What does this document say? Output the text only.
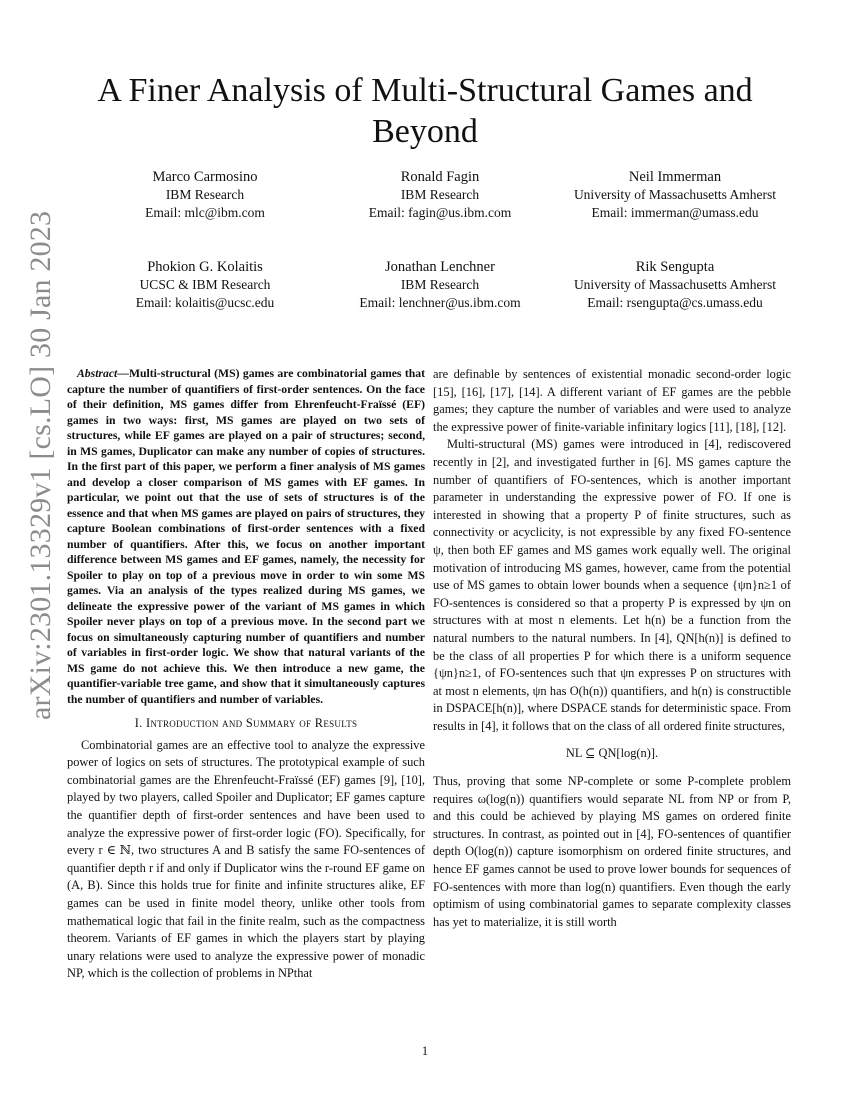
arXiv:2301.13329v1 [cs.LO] 30 Jan 2023
A Finer Analysis of Multi-Structural Games and Beyond
Marco Carmosino
IBM Research
Email: mlc@ibm.com
Ronald Fagin
IBM Research
Email: fagin@us.ibm.com
Neil Immerman
University of Massachusetts Amherst
Email: immerman@umass.edu
Phokion G. Kolaitis
UCSC & IBM Research
Email: kolaitis@ucsc.edu
Jonathan Lenchner
IBM Research
Email: lenchner@us.ibm.com
Rik Sengupta
University of Massachusetts Amherst
Email: rsengupta@cs.umass.edu

Abstract—Multi-structural (MS) games are combinatorial games that capture the number of quantifiers of first-order sentences. On the face of their definition, MS games differ from Ehrenfeucht-Fraïssé (EF) games in two ways: first, MS games are played on two sets of structures, while EF games are played on a pair of structures; second, in MS games, Duplicator can make any number of copies of structures. In the first part of this paper, we perform a finer analysis of MS games and develop a closer comparison of MS games with EF games. In particular, we point out that the use of sets of structures is of the essence and that when MS games are played on pairs of structures, they capture Boolean combinations of first-order sentences with a fixed number of quantifiers. After this, we focus on another important difference between MS games and EF games, namely, the necessity for Spoiler to play on top of a previous move in order to win some MS games. Via an analysis of the types realized during MS games, we delineate the expressive power of the variant of MS games in which Spoiler never plays on top of a previous move. In the second part we focus on simultaneously capturing number of quantifiers and number of variables in first-order logic. We show that natural variants of the MS game do not achieve this. We then introduce a new game, the quantifier-variable tree game, and show that it simultaneously captures the number of quantifiers and number of variables.

I. Introduction and Summary of Results

Combinatorial games are an effective tool to analyze the expressive power of logics on sets of structures. The prototypical example of such combinatorial games are the Ehrenfeucht-Fraïssé (EF) games [9], [10], played by two players, called Spoiler and Duplicator; EF games capture the quantifier depth of first-order sentences and have been used to analyze the expressive power of first-order logic (FO). Specifically, for every r ∈ ℕ, two structures A and B satisfy the same FO-sentences of quantifier depth r if and only if Duplicator wins the r-round EF game on (A, B). Since this holds true for finite and infinite structures alike, EF games can be used in finite model theory, unlike other tools from mathematical logic that fail in the finite realm, such as the compactness theorem. Variants of EF games in which the players start by playing unary relations were used to analyze the expressive power of monadic NP, which is the collection of problems in NPthat

are definable by sentences of existential monadic second-order logic [15], [16], [17], [14]. A different variant of EF games are the pebble games; they capture the number of variables and were used to analyze the expressive power of finite-variable infinitary logics [11], [18], [12].

Multi-structural (MS) games were introduced in [4], rediscovered recently in [2], and investigated further in [6]. MS games capture the number of quantifiers of FO-sentences, which is another important parameter in understanding the expressive power of FO. If one is interested in showing that a property P of finite structures, such as connectivity or acyclicity, is not expressible by any fixed FO-sentence ψ, then both EF games and MS games work equally well. The original motivation of introducing MS games, however, came from the potential use of MS games to obtain lower bounds when a sequence {ψn}n≥1 of FO-sentences is considered so that a property P is expressed by ψn on structures with at most n elements. Let h(n) be a function from the natural numbers to the natural numbers. In [4], QN[h(n)] is defined to be the class of all properties P for which there is a uniform sequence {ψn}n≥1, of FO-sentences such that ψn expresses P on structures with at most n elements, ψn has O(h(n)) quantifiers, and h(n) is constructible in DSPACE[h(n)], where DSPACE stands for deterministic space. From results in [4], it follows that on the class of all ordered finite structures,

NL ⊆ QN[log(n)].

Thus, proving that some NP-complete or some P-complete problem requires ω(log(n)) quantifiers would separate NL from NP or from P, and this could be achieved by playing MS games on ordered finite structures. In contrast, as pointed out in [4], FO-sentences of quantifier depth O(log(n)) capture isomorphism on ordered finite structures, and hence EF games cannot be used to prove lower bounds for sequences of FO-sentences with more than log(n) quantifiers. Even though the early optimism of using combinatorial games to separate complexity classes has yet to materialize, it is still worth

1
